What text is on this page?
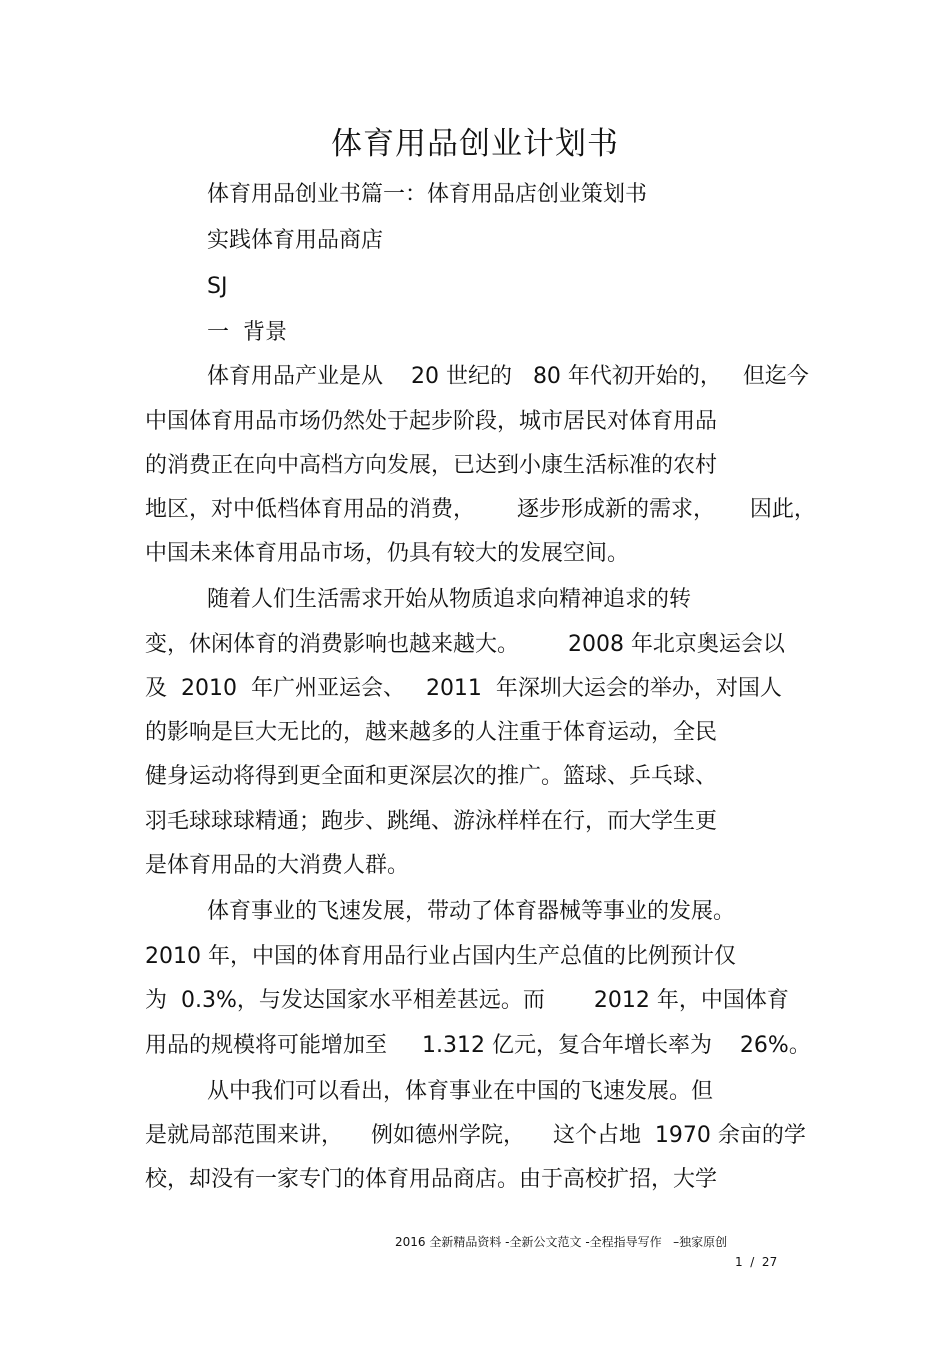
体育用品创业计划书
体育用品创业书篇一：体育用品店创业策划书
实践体育用品商店
SJ
一  背景
体育用品产业是从    20 世纪的   80 年代初开始的，   但迄今
中国体育用品市场仍然处于起步阶段，城市居民对体育用品
的消费正在向中高档方向发展，已达到小康生活标准的农村
地区，对中低档体育用品的消费，      逐步形成新的需求，     因此，
中国未来体育用品市场，仍具有较大的发展空间。
随着人们生活需求开始从物质追求向精神追求的转
变，休闲体育的消费影响也越来越大。       2008 年北京奥运会以
及  2010  年广州亚运会、   2011  年深圳大运会的举办，对国人
的影响是巨大无比的，越来越多的人注重于体育运动，全民
健身运动将得到更全面和更深层次的推广。篮球、乒乓球、
羽毛球球球精通；跑步、跳绳、游泳样样在行，而大学生更
是体育用品的大消费人群。
体育事业的飞速发展，带动了体育器械等事业的发展。
2010 年，中国的体育用品行业占国内生产总值的比例预计仅
为  0.3%，与发达国家水平相差甚远。而       2012 年，中国体育
用品的规模将可能增加至     1.312 亿元，复合年增长率为    26%。
从中我们可以看出，体育事业在中国的飞速发展。但
是就局部范围来讲，    例如德州学院，    这个占地  1970 余亩的学
校，却没有一家专门的体育用品商店。由于高校扩招，大学
2016 全新精品资料 -全新公文范文 -全程指导写作   –独家原创
1  /  27
